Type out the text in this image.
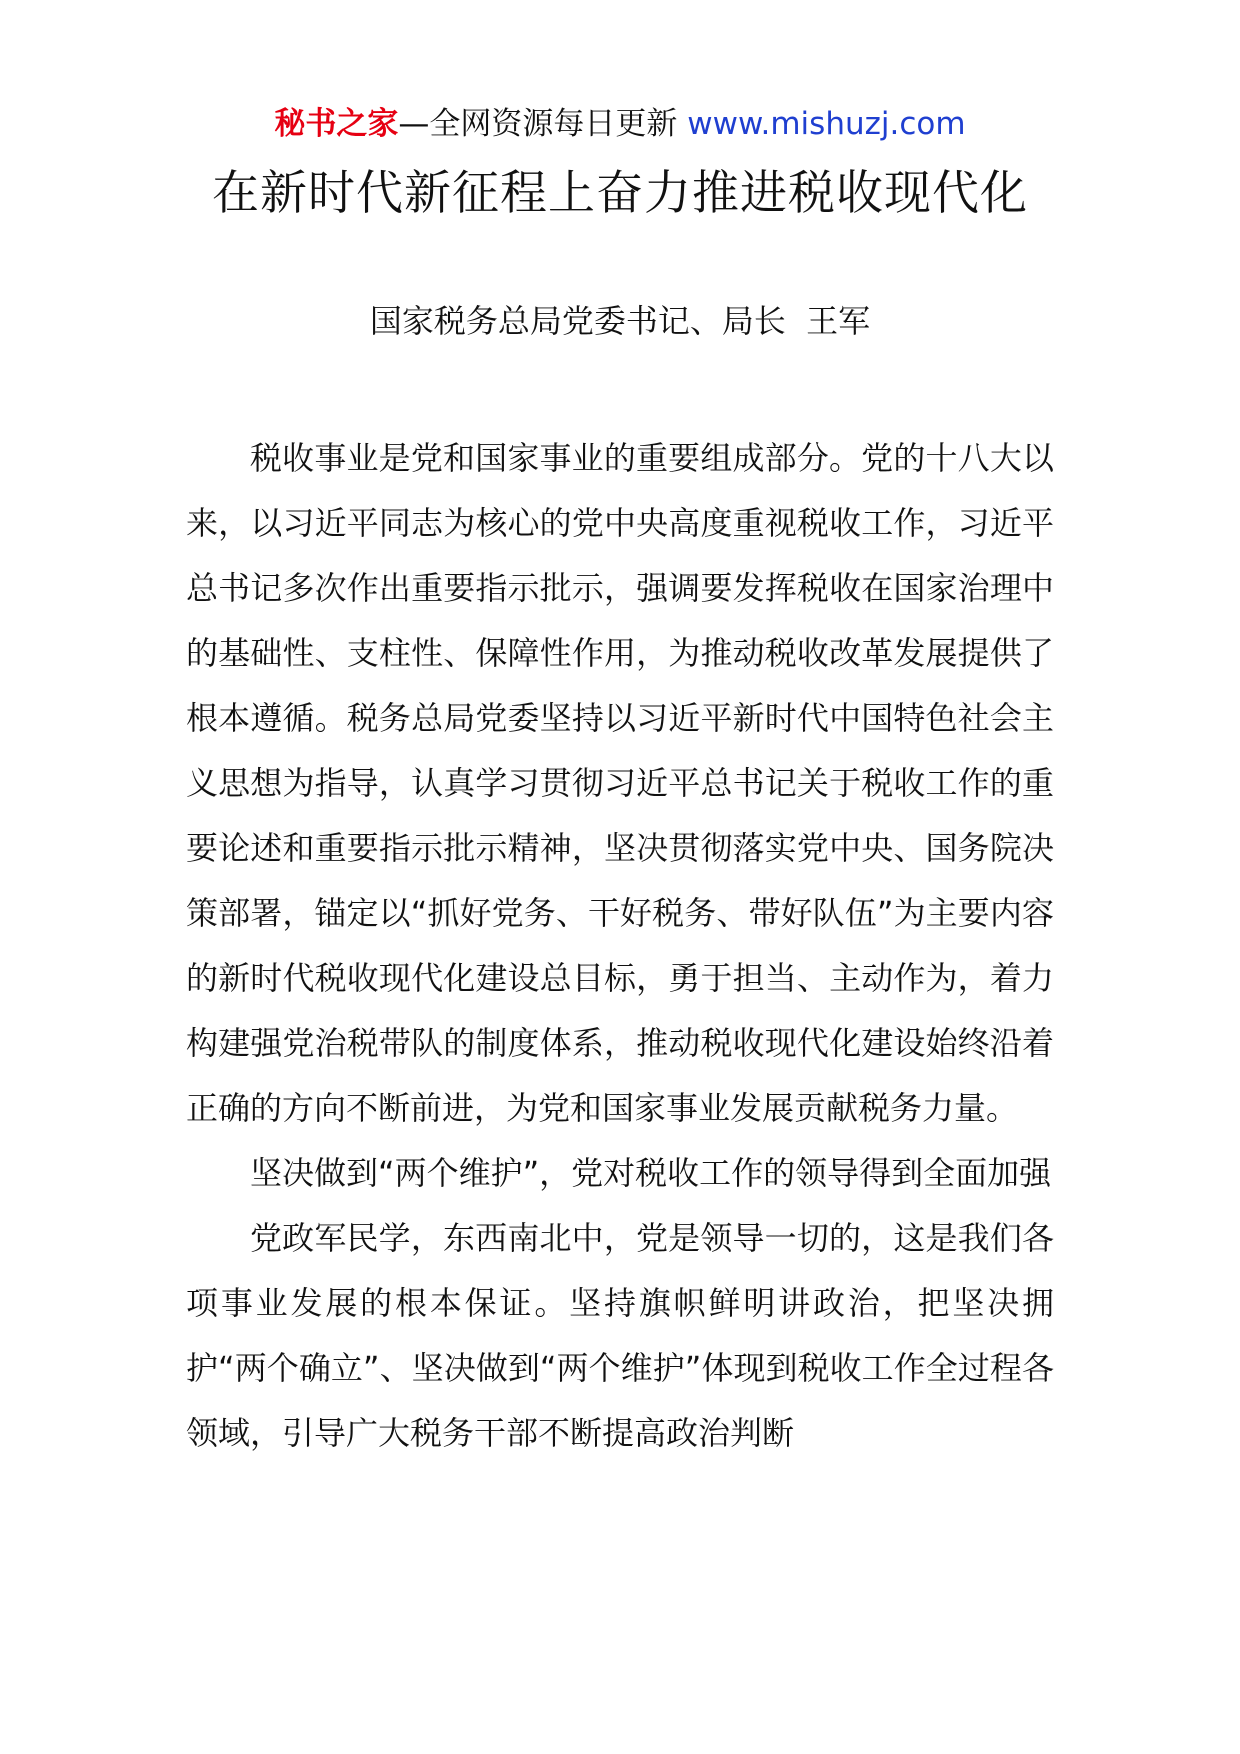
秘书之家—全网资源每日更新 www.mishuzj.com
在新时代新征程上奋力推进税收现代化
国家税务总局党委书记、局长  王军

税收事业是党和国家事业的重要组成部分。党的十八大以来，以习近平同志为核心的党中央高度重视税收工作，习近平总书记多次作出重要指示批示，强调要发挥税收在国家治理中的基础性、支柱性、保障性作用，为推动税收改革发展提供了根本遵循。税务总局党委坚持以习近平新时代中国特色社会主义思想为指导，认真学习贯彻习近平总书记关于税收工作的重要论述和重要指示批示精神，坚决贯彻落实党中央、国务院决策部署，锚定以“抓好党务、干好税务、带好队伍”为主要内容的新时代税收现代化建设总目标，勇于担当、主动作为，着力构建强党治税带队的制度体系，推动税收现代化建设始终沿着正确的方向不断前进，为党和国家事业发展贡献税务力量。

坚决做到“两个维护”，党对税收工作的领导得到全面加强

党政军民学，东西南北中，党是领导一切的，这是我们各项事业发展的根本保证。坚持旗帜鲜明讲政治，把坚决拥护“两个确立”、坚决做到“两个维护”体现到税收工作全过程各领域，引导广大税务干部不断提高政治判断
